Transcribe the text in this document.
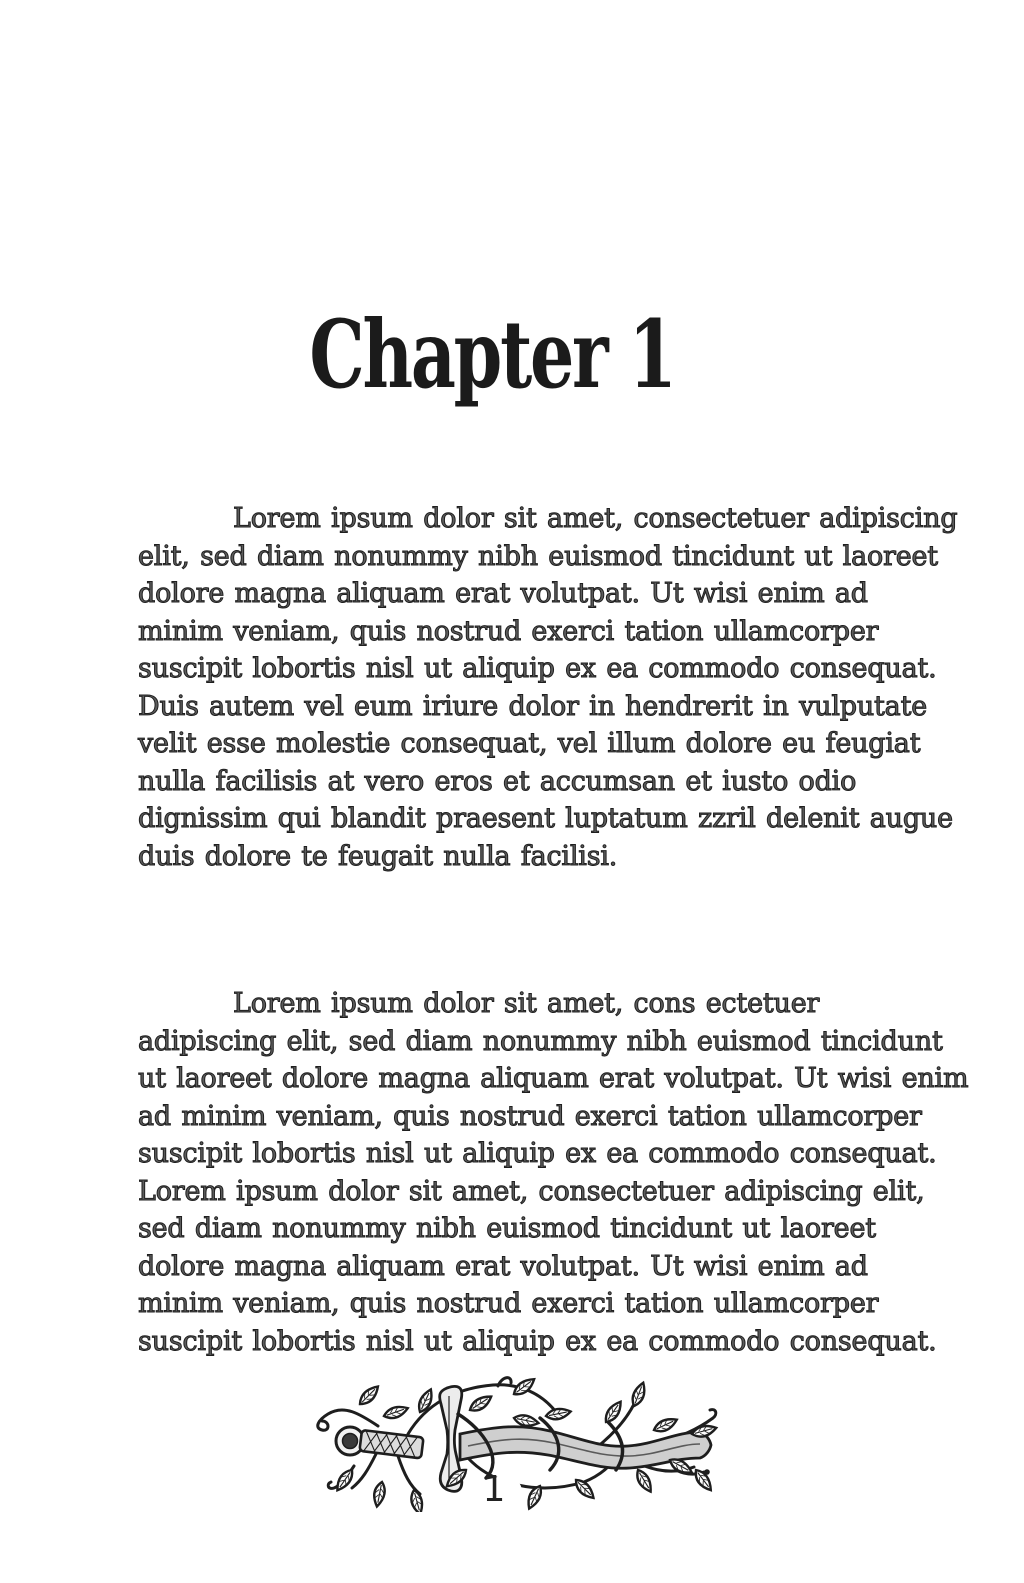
Chapter 1
Lorem ipsum dolor sit amet, consectetuer adipiscing
elit, sed diam nonummy nibh euismod tincidunt ut laoreet
dolore magna aliquam erat volutpat. Ut wisi enim ad
minim veniam, quis nostrud exerci tation ullamcorper
suscipit lobortis nisl ut aliquip ex ea commodo consequat.
Duis autem vel eum iriure dolor in hendrerit in vulputate
velit esse molestie consequat, vel illum dolore eu feugiat
nulla facilisis at vero eros et accumsan et iusto odio
dignissim qui blandit praesent luptatum zzril delenit augue
duis dolore te feugait nulla facilisi.
Lorem ipsum dolor sit amet, cons ectetuer
adipiscing elit, sed diam nonummy nibh euismod tincidunt
ut laoreet dolore magna aliquam erat volutpat. Ut wisi enim
ad minim veniam, quis nostrud exerci tation ullamcorper
suscipit lobortis nisl ut aliquip ex ea commodo consequat.
Lorem ipsum dolor sit amet, consectetuer adipiscing elit,
sed diam nonummy nibh euismod tincidunt ut laoreet
dolore magna aliquam erat volutpat. Ut wisi enim ad
minim veniam, quis nostrud exerci tation ullamcorper
suscipit lobortis nisl ut aliquip ex ea commodo consequat.
1
